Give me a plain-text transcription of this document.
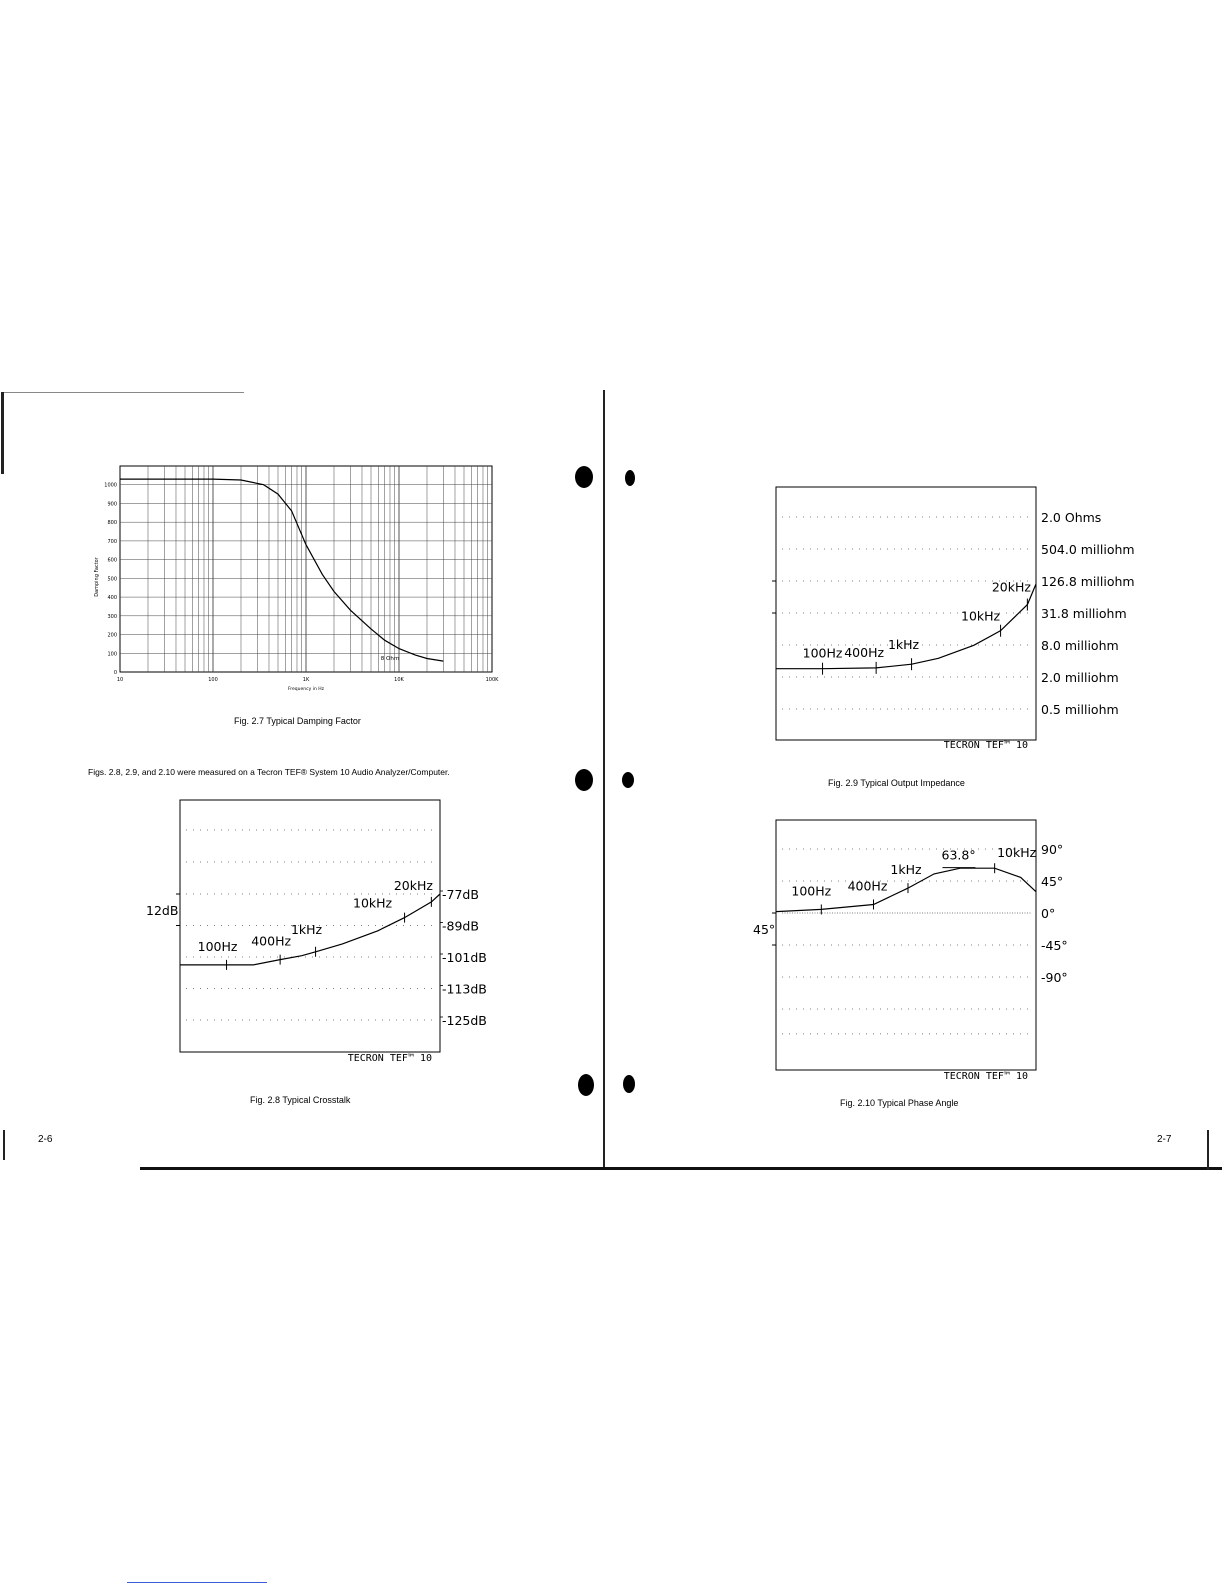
0
100
200
300
400
500
600
700
800
900
1000
10	100	1K	10K	100K
Frequency in Hz
Damping Factor
8 Ohm
Fig. 2.7 Typical Damping Factor
Figs. 2.8, 2.9, and 2.10 were measured on a Tecron TEF® System 10 Audio Analyzer/Computer.
-77dB
-89dB
-101dB
-113dB
-125dB
12dB
100Hz 400Hz
1kHz
10kHz
20kHz
TECRON TEF™ 10
Fig. 2.8 Typical Crosstalk
2.0 Ohms
504.0 milliohm
126.8 milliohm
31.8 milliohm
8.0 milliohm
2.0 milliohm
0.5 milliohm
100Hz 400Hz
1kHz
10kHz
20kHz
TECRON TEF™ 10
Fig. 2.9 Typical Output Impedance
90°
45°
0°
-45°
-90°
45°
100Hz 400Hz
1kHz
10kHz
63.8°
TECRON TEF™ 10
Fig. 2.10 Typical Phase Angle
2-6	2-7
